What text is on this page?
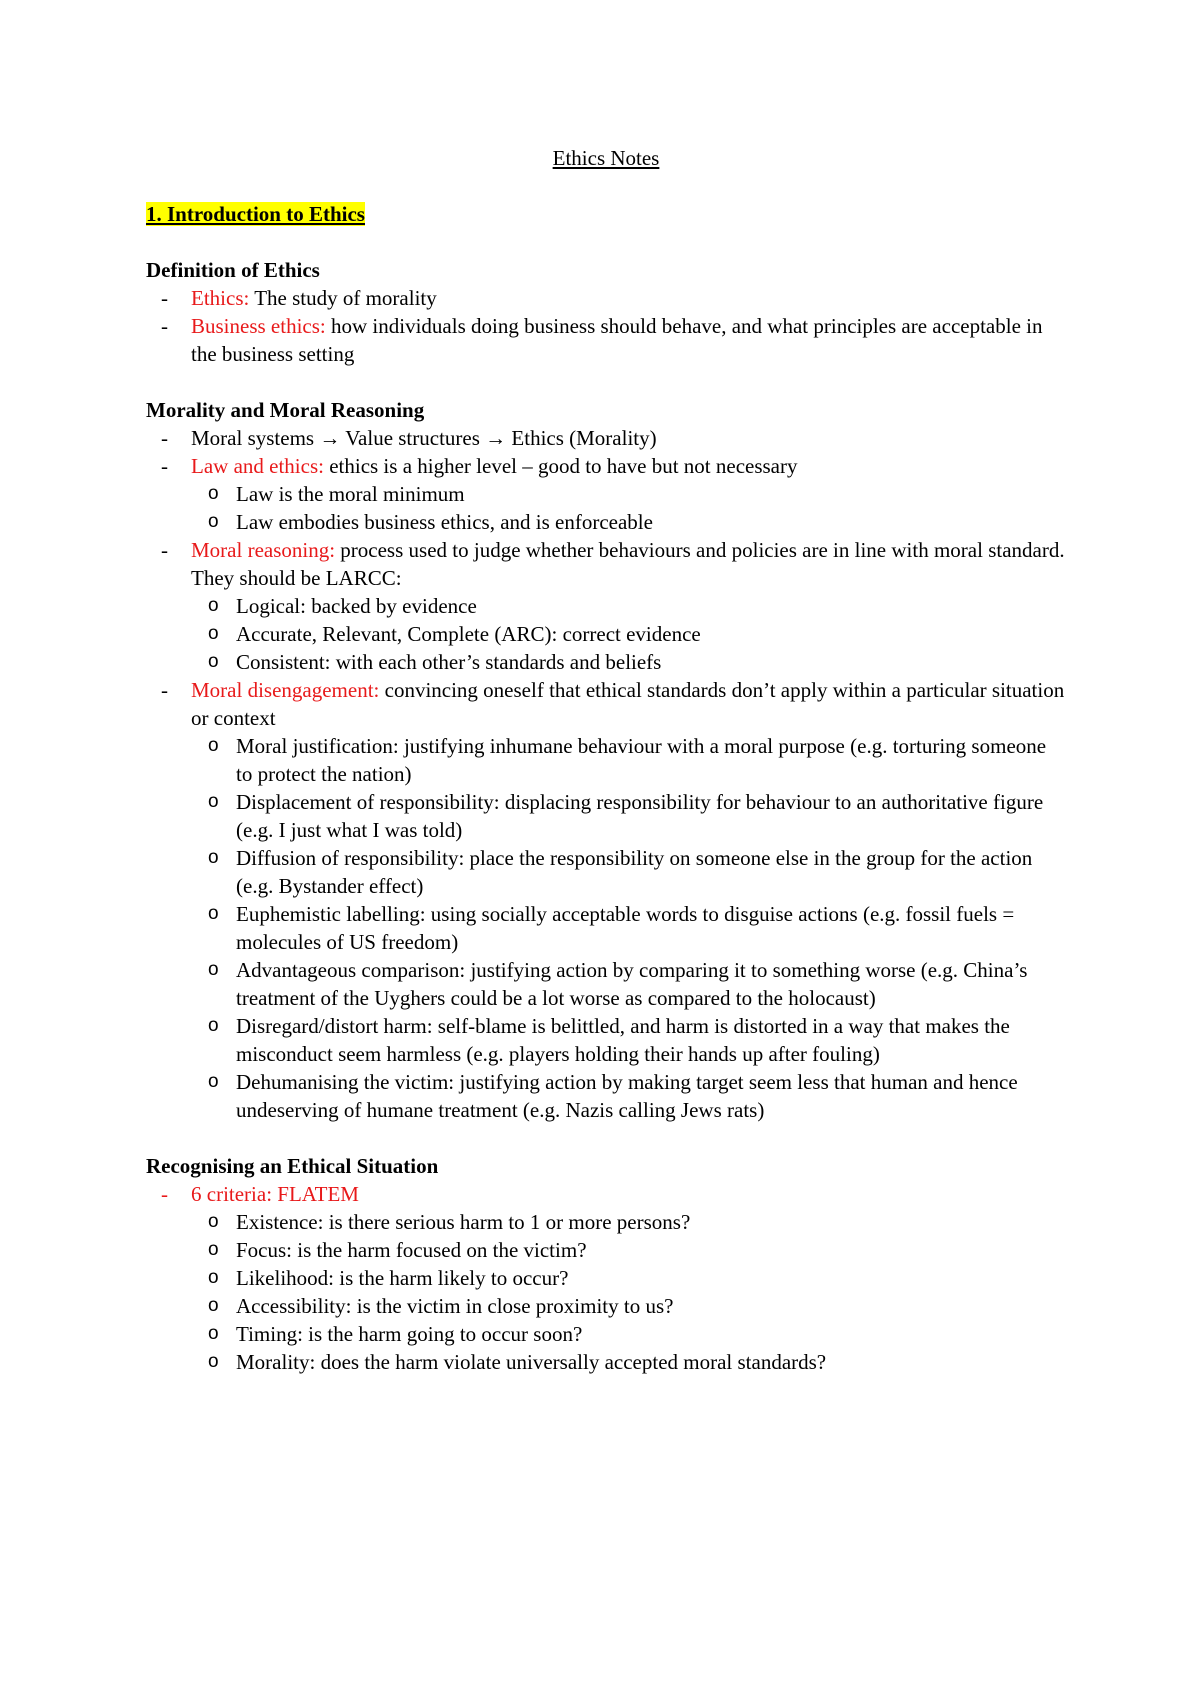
Ethics Notes
1. Introduction to Ethics
Definition of Ethics
- Ethics: The study of morality
- Business ethics: how individuals doing business should behave, and what principles are acceptable in the business setting
Morality and Moral Reasoning
- Moral systems → Value structures → Ethics (Morality)
- Law and ethics: ethics is a higher level – good to have but not necessary
o Law is the moral minimum
o Law embodies business ethics, and is enforceable
- Moral reasoning: process used to judge whether behaviours and policies are in line with moral standard. They should be LARCC:
o Logical: backed by evidence
o Accurate, Relevant, Complete (ARC): correct evidence
o Consistent: with each other’s standards and beliefs
- Moral disengagement: convincing oneself that ethical standards don’t apply within a particular situation or context
o Moral justification: justifying inhumane behaviour with a moral purpose (e.g. torturing someone to protect the nation)
o Displacement of responsibility: displacing responsibility for behaviour to an authoritative figure (e.g. I just what I was told)
o Diffusion of responsibility: place the responsibility on someone else in the group for the action (e.g. Bystander effect)
o Euphemistic labelling: using socially acceptable words to disguise actions (e.g. fossil fuels = molecules of US freedom)
o Advantageous comparison: justifying action by comparing it to something worse (e.g. China’s treatment of the Uyghers could be a lot worse as compared to the holocaust)
o Disregard/distort harm: self-blame is belittled, and harm is distorted in a way that makes the misconduct seem harmless (e.g. players holding their hands up after fouling)
o Dehumanising the victim: justifying action by making target seem less that human and hence undeserving of humane treatment (e.g. Nazis calling Jews rats)
Recognising an Ethical Situation
- 6 criteria: FLATEM
o Existence: is there serious harm to 1 or more persons?
o Focus: is the harm focused on the victim?
o Likelihood: is the harm likely to occur?
o Accessibility: is the victim in close proximity to us?
o Timing: is the harm going to occur soon?
o Morality: does the harm violate universally accepted moral standards?
